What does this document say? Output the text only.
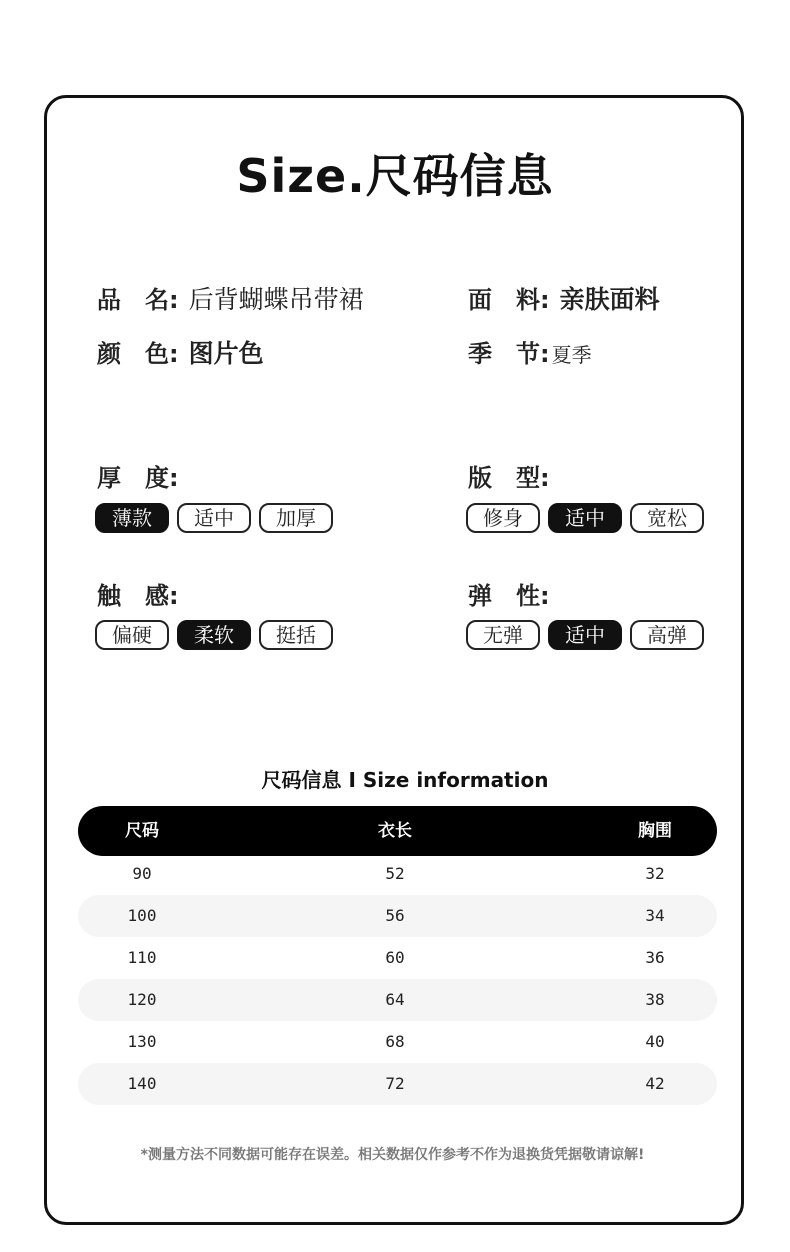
Size.尺码信息
品　名: 后背蝴蝶吊带裙	面　料: 亲肤面料
颜　色: 图片色	季　节: 夏季
厚　度:
薄款	适中	加厚
版　型:
修身	适中	宽松
触　感:
偏硬	柔软	挺括
弹　性:
无弹	适中	高弹
尺码信息 I Size information
尺码	衣长	胸围
90	52	32
100	56	34
110	60	36
120	64	38
130	68	40
140	72	42
*测量方法不同数据可能存在误差。相关数据仅作参考不作为退换货凭据敬请谅解!
